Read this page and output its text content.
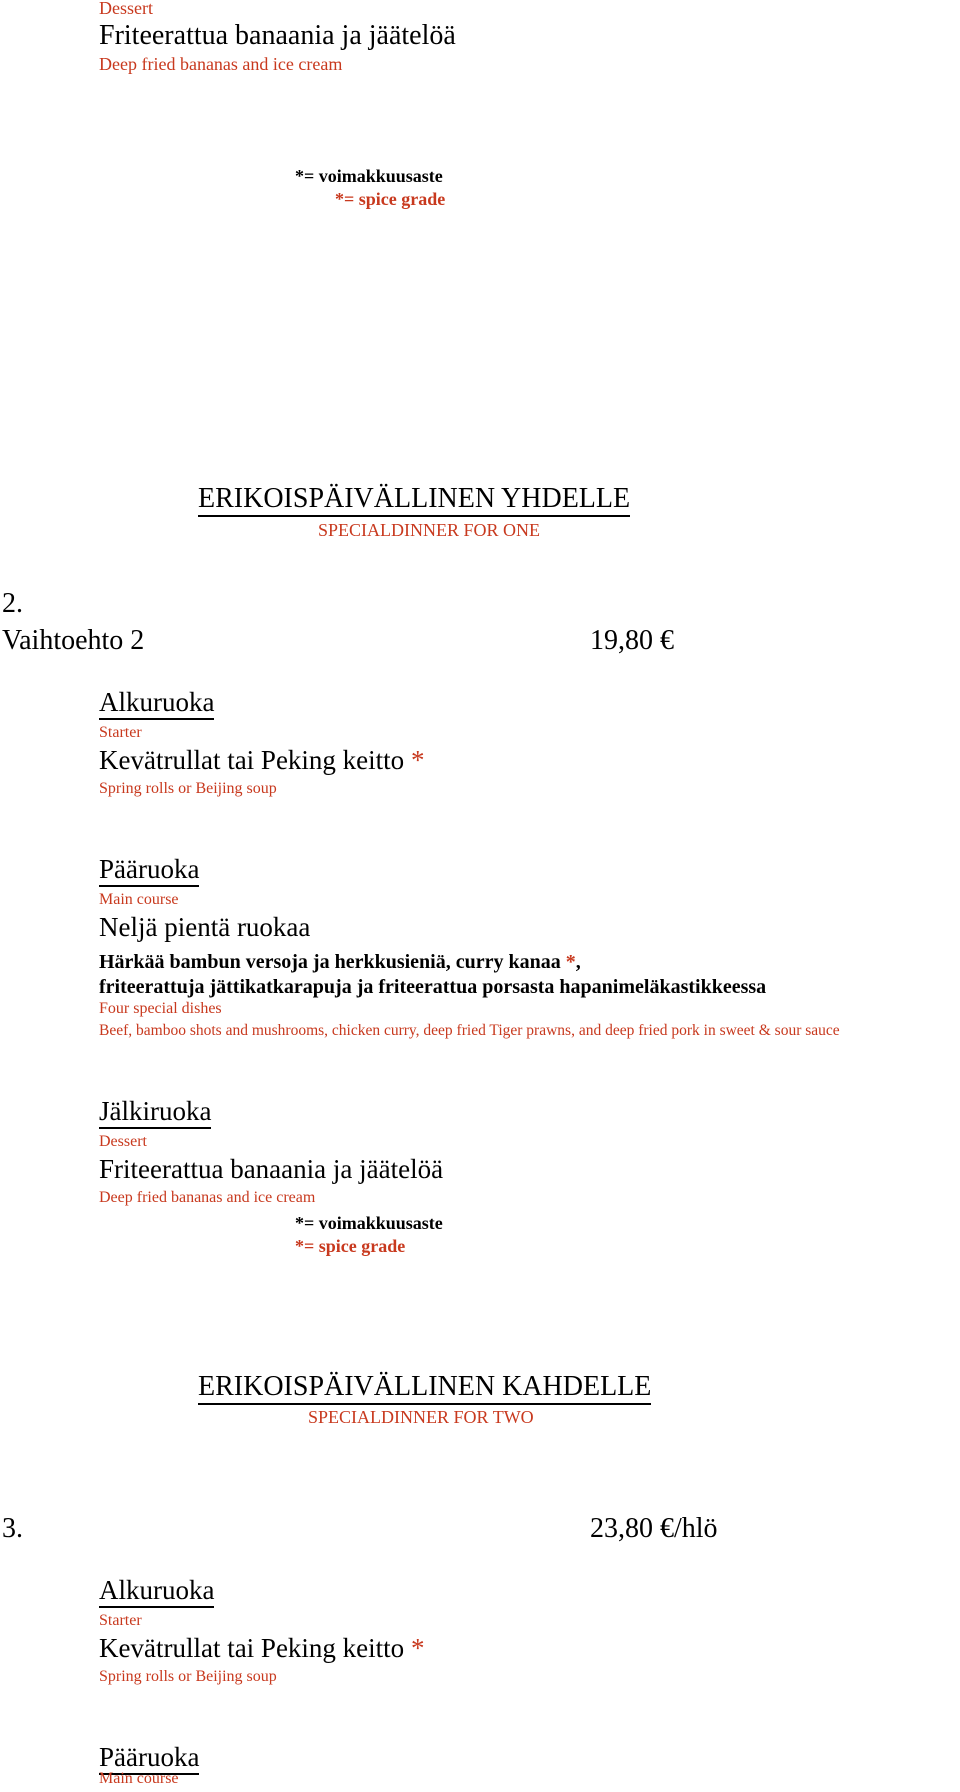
Dessert
Friteerattua banaania ja jäätelöä
Deep fried bananas and ice cream
*= voimakkuusaste
*= spice grade
ERIKOISPÄIVÄLLINEN YHDELLE
SPECIALDINNER FOR ONE
2.
Vaihtoehto 2	19,80 €
Alkuruoka
Starter
Kevätrullat tai Peking keitto *
Spring rolls or Beijing soup
Pääruoka
Main course
Neljä pientä ruokaa
Härkää bambun versoja ja herkkusieniä, curry kanaa *,
friteerattuja jättikatkarapuja ja friteerattua porsasta hapanimeläkastikkeessa
Four special dishes
Beef, bamboo shots and mushrooms, chicken curry, deep fried Tiger prawns, and deep fried pork in sweet & sour sauce
Jälkiruoka
Dessert
Friteerattua banaania ja jäätelöä
Deep fried bananas and ice cream
*= voimakkuusaste
*= spice grade
ERIKOISPÄIVÄLLINEN KAHDELLE
SPECIALDINNER FOR TWO
3.	23,80 €/hlö
Alkuruoka
Starter
Kevätrullat tai Peking keitto *
Spring rolls or Beijing soup
Pääruoka
Main course
